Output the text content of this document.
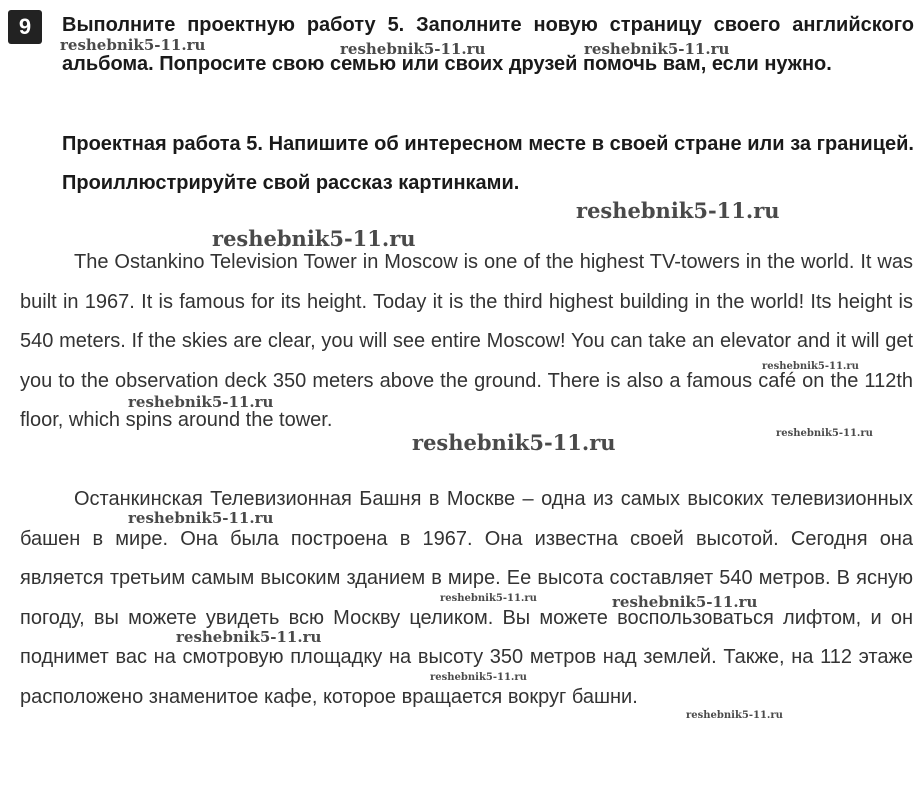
9	Выполните проектную работу 5. Заполните новую страницу своего английского альбома. Попросите свою семью или своих друзей помочь вам, если нужно.

Проектная работа 5. Напишите об интересном месте в своей стране или за границей. Проиллюстрируйте свой рассказ картинками.

The Ostankino Television Tower in Moscow is one of the highest TV-towers in the world. It was built in 1967. It is famous for its height. Today it is the third highest building in the world! Its height is 540 meters. If the skies are clear, you will see entire Moscow! You can take an elevator and it will get you to the observation deck 350 meters above the ground. There is also a famous café on the 112th floor, which spins around the tower.

Останкинская Телевизионная Башня в Москве – одна из самых высоких телевизионных башен в мире. Она была построена в 1967. Она известна своей высотой. Сегодня она является третьим самым высоким зданием в мире. Ее высота составляет 540 метров. В ясную погоду, вы можете увидеть всю Москву целиком. Вы можете воспользоваться лифтом, и он поднимет вас на смотровую площадку на высоту 350 метров над землей. Также, на 112 этаже расположено знаменитое кафе, которое вращается вокруг башни.

reshebnik5-11.ru	reshebnik5-11.ru	reshebnik5-11.ru
reshebnik5-11.ru
reshebnik5-11.ru
reshebnik5-11.ru
reshebnik5-11.ru
reshebnik5-11.ru	reshebnik5-11.ru
reshebnik5-11.ru
reshebnik5-11.ru	reshebnik5-11.ru
reshebnik5-11.ru
reshebnik5-11.ru
reshebnik5-11.ru
